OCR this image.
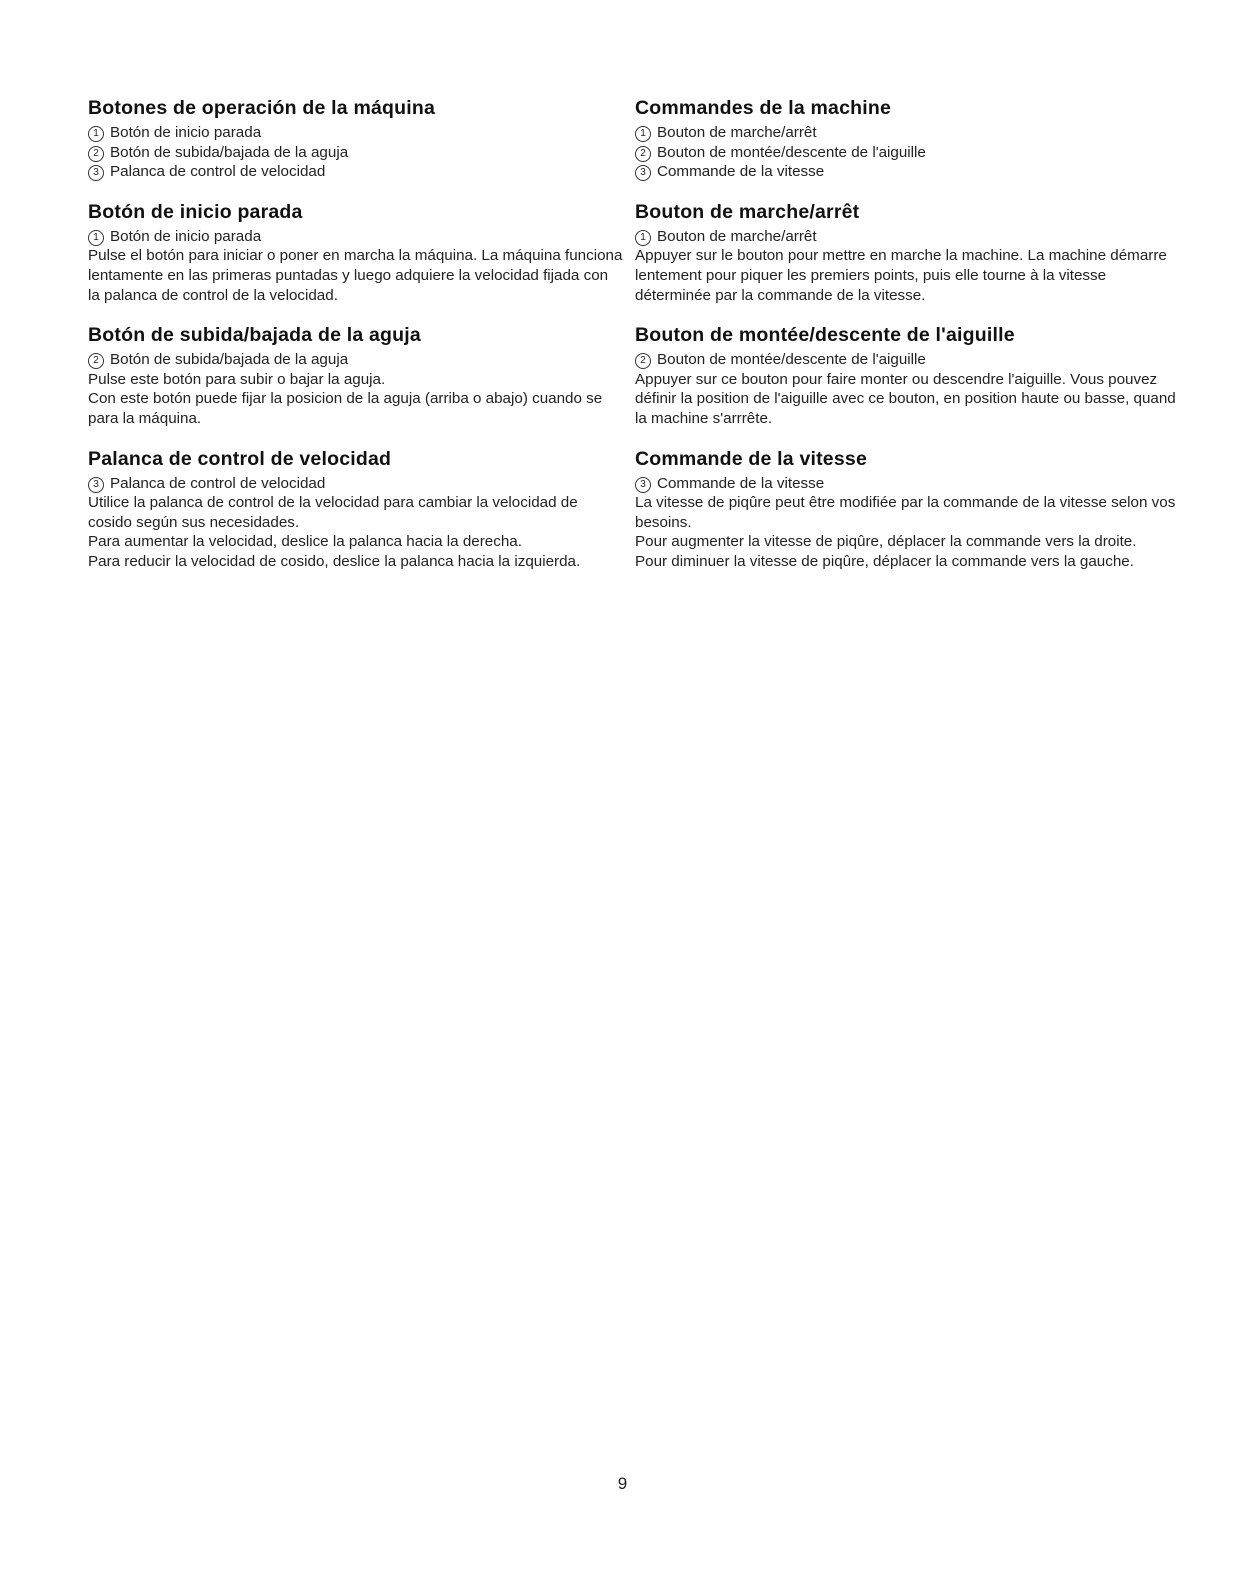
Botones de operación de la máquina
1 Botón de inicio parada
2 Botón de subida/bajada de la aguja
3 Palanca de control de velocidad
Botón de inicio parada
1 Botón de inicio parada

Pulse el botón para iniciar o poner en marcha la máquina. La máquina funciona lentamente en las primeras puntadas y luego adquiere la velocidad fijada con la palanca de control de la velocidad.

Botón de subida/bajada de la aguja
2 Botón de subida/bajada de la aguja

Pulse este botón para subir o bajar la aguja.

Con este botón puede fijar la posicion de la aguja (arriba o abajo) cuando se para la máquina.

Palanca de control de velocidad
3 Palanca de control de velocidad

Utilice la palanca de control de la velocidad para cambiar la velocidad de cosido según sus necesidades.

Para aumentar la velocidad, deslice la palanca hacia la derecha.

Para reducir la velocidad de cosido, deslice la palanca hacia la izquierda.

Commandes de la machine
1 Bouton de marche/arrêt
2 Bouton de montée/descente de l'aiguille
3 Commande de la vitesse
Bouton de marche/arrêt
1 Bouton de marche/arrêt

Appuyer sur le bouton pour mettre en marche la machine. La machine démarre lentement pour piquer les premiers points, puis elle tourne à la vitesse déterminée par la commande de la vitesse.

Bouton de montée/descente de l'aiguille
2 Bouton de montée/descente de l'aiguille

Appuyer sur ce bouton pour faire monter ou descendre l'aiguille. Vous pouvez définir la position de l'aiguille avec ce bouton, en position haute ou basse, quand la machine s'arrrête.

Commande de la vitesse
3 Commande de la vitesse

La vitesse de piqûre peut être modifiée par la commande de la vitesse selon vos besoins.

Pour augmenter la vitesse de piqûre, déplacer la commande vers la droite.

Pour diminuer la vitesse de piqûre, déplacer la commande vers la gauche.

9
